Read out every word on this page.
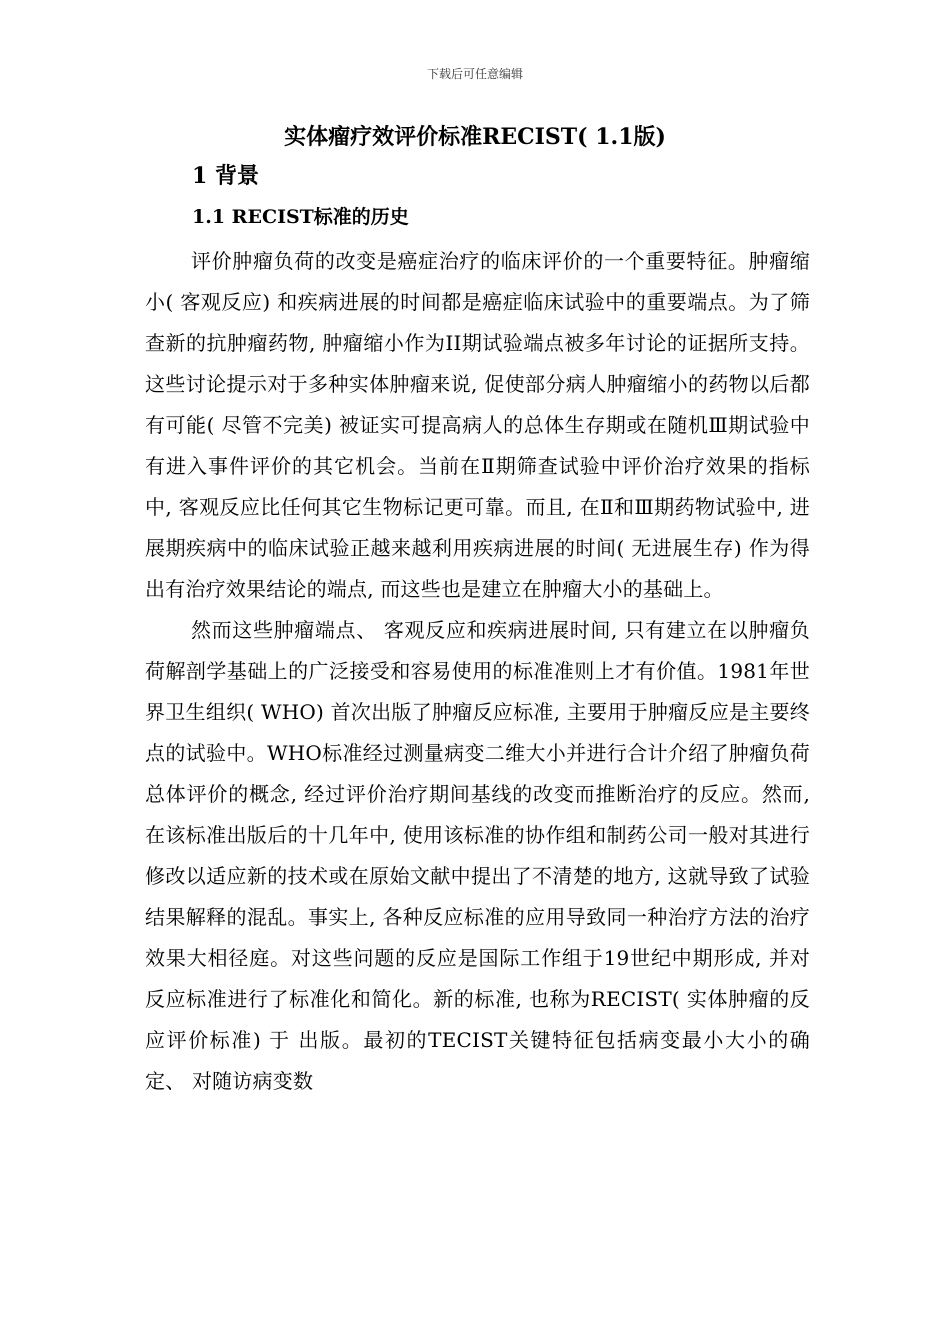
下载后可任意编辑
实体瘤疗效评价标准RECIST( 1.1版)
1 背景
1.1 RECIST标准的历史

评价肿瘤负荷的改变是癌症治疗的临床评价的一个重要特征。肿瘤缩小( 客观反应) 和疾病进展的时间都是癌症临床试验中的重要端点。为了筛查新的抗肿瘤药物, 肿瘤缩小作为II期试验端点被多年讨论的证据所支持。这些讨论提示对于多种实体肿瘤来说, 促使部分病人肿瘤缩小的药物以后都有可能( 尽管不完美) 被证实可提高病人的总体生存期或在随机Ⅲ期试验中有进入事件评价的其它机会。当前在Ⅱ期筛查试验中评价治疗效果的指标中, 客观反应比任何其它生物标记更可靠。而且, 在Ⅱ和Ⅲ期药物试验中, 进展期疾病中的临床试验正越来越利用疾病进展的时间( 无进展生存) 作为得出有治疗效果结论的端点, 而这些也是建立在肿瘤大小的基础上。

然而这些肿瘤端点、 客观反应和疾病进展时间, 只有建立在以肿瘤负荷解剖学基础上的广泛接受和容易使用的标准准则上才有价值。1981年世界卫生组织( WHO) 首次出版了肿瘤反应标准, 主要用于肿瘤反应是主要终点的试验中。WHO标准经过测量病变二维大小并进行合计介绍了肿瘤负荷总体评价的概念, 经过评价治疗期间基线的改变而推断治疗的反应。然而, 在该标准出版后的十几年中, 使用该标准的协作组和制药公司一般对其进行修改以适应新的技术或在原始文献中提出了不清楚的地方, 这就导致了试验结果解释的混乱。事实上, 各种反应标准的应用导致同一种治疗方法的治疗效果大相径庭。对这些问题的反应是国际工作组于19世纪中期形成, 并对反应标准进行了标准化和简化。新的标准, 也称为RECIST( 实体肿瘤的反应评价标准) 于 出版。最初的TECIST关键特征包括病变最小大小的确定、 对随访病变数
